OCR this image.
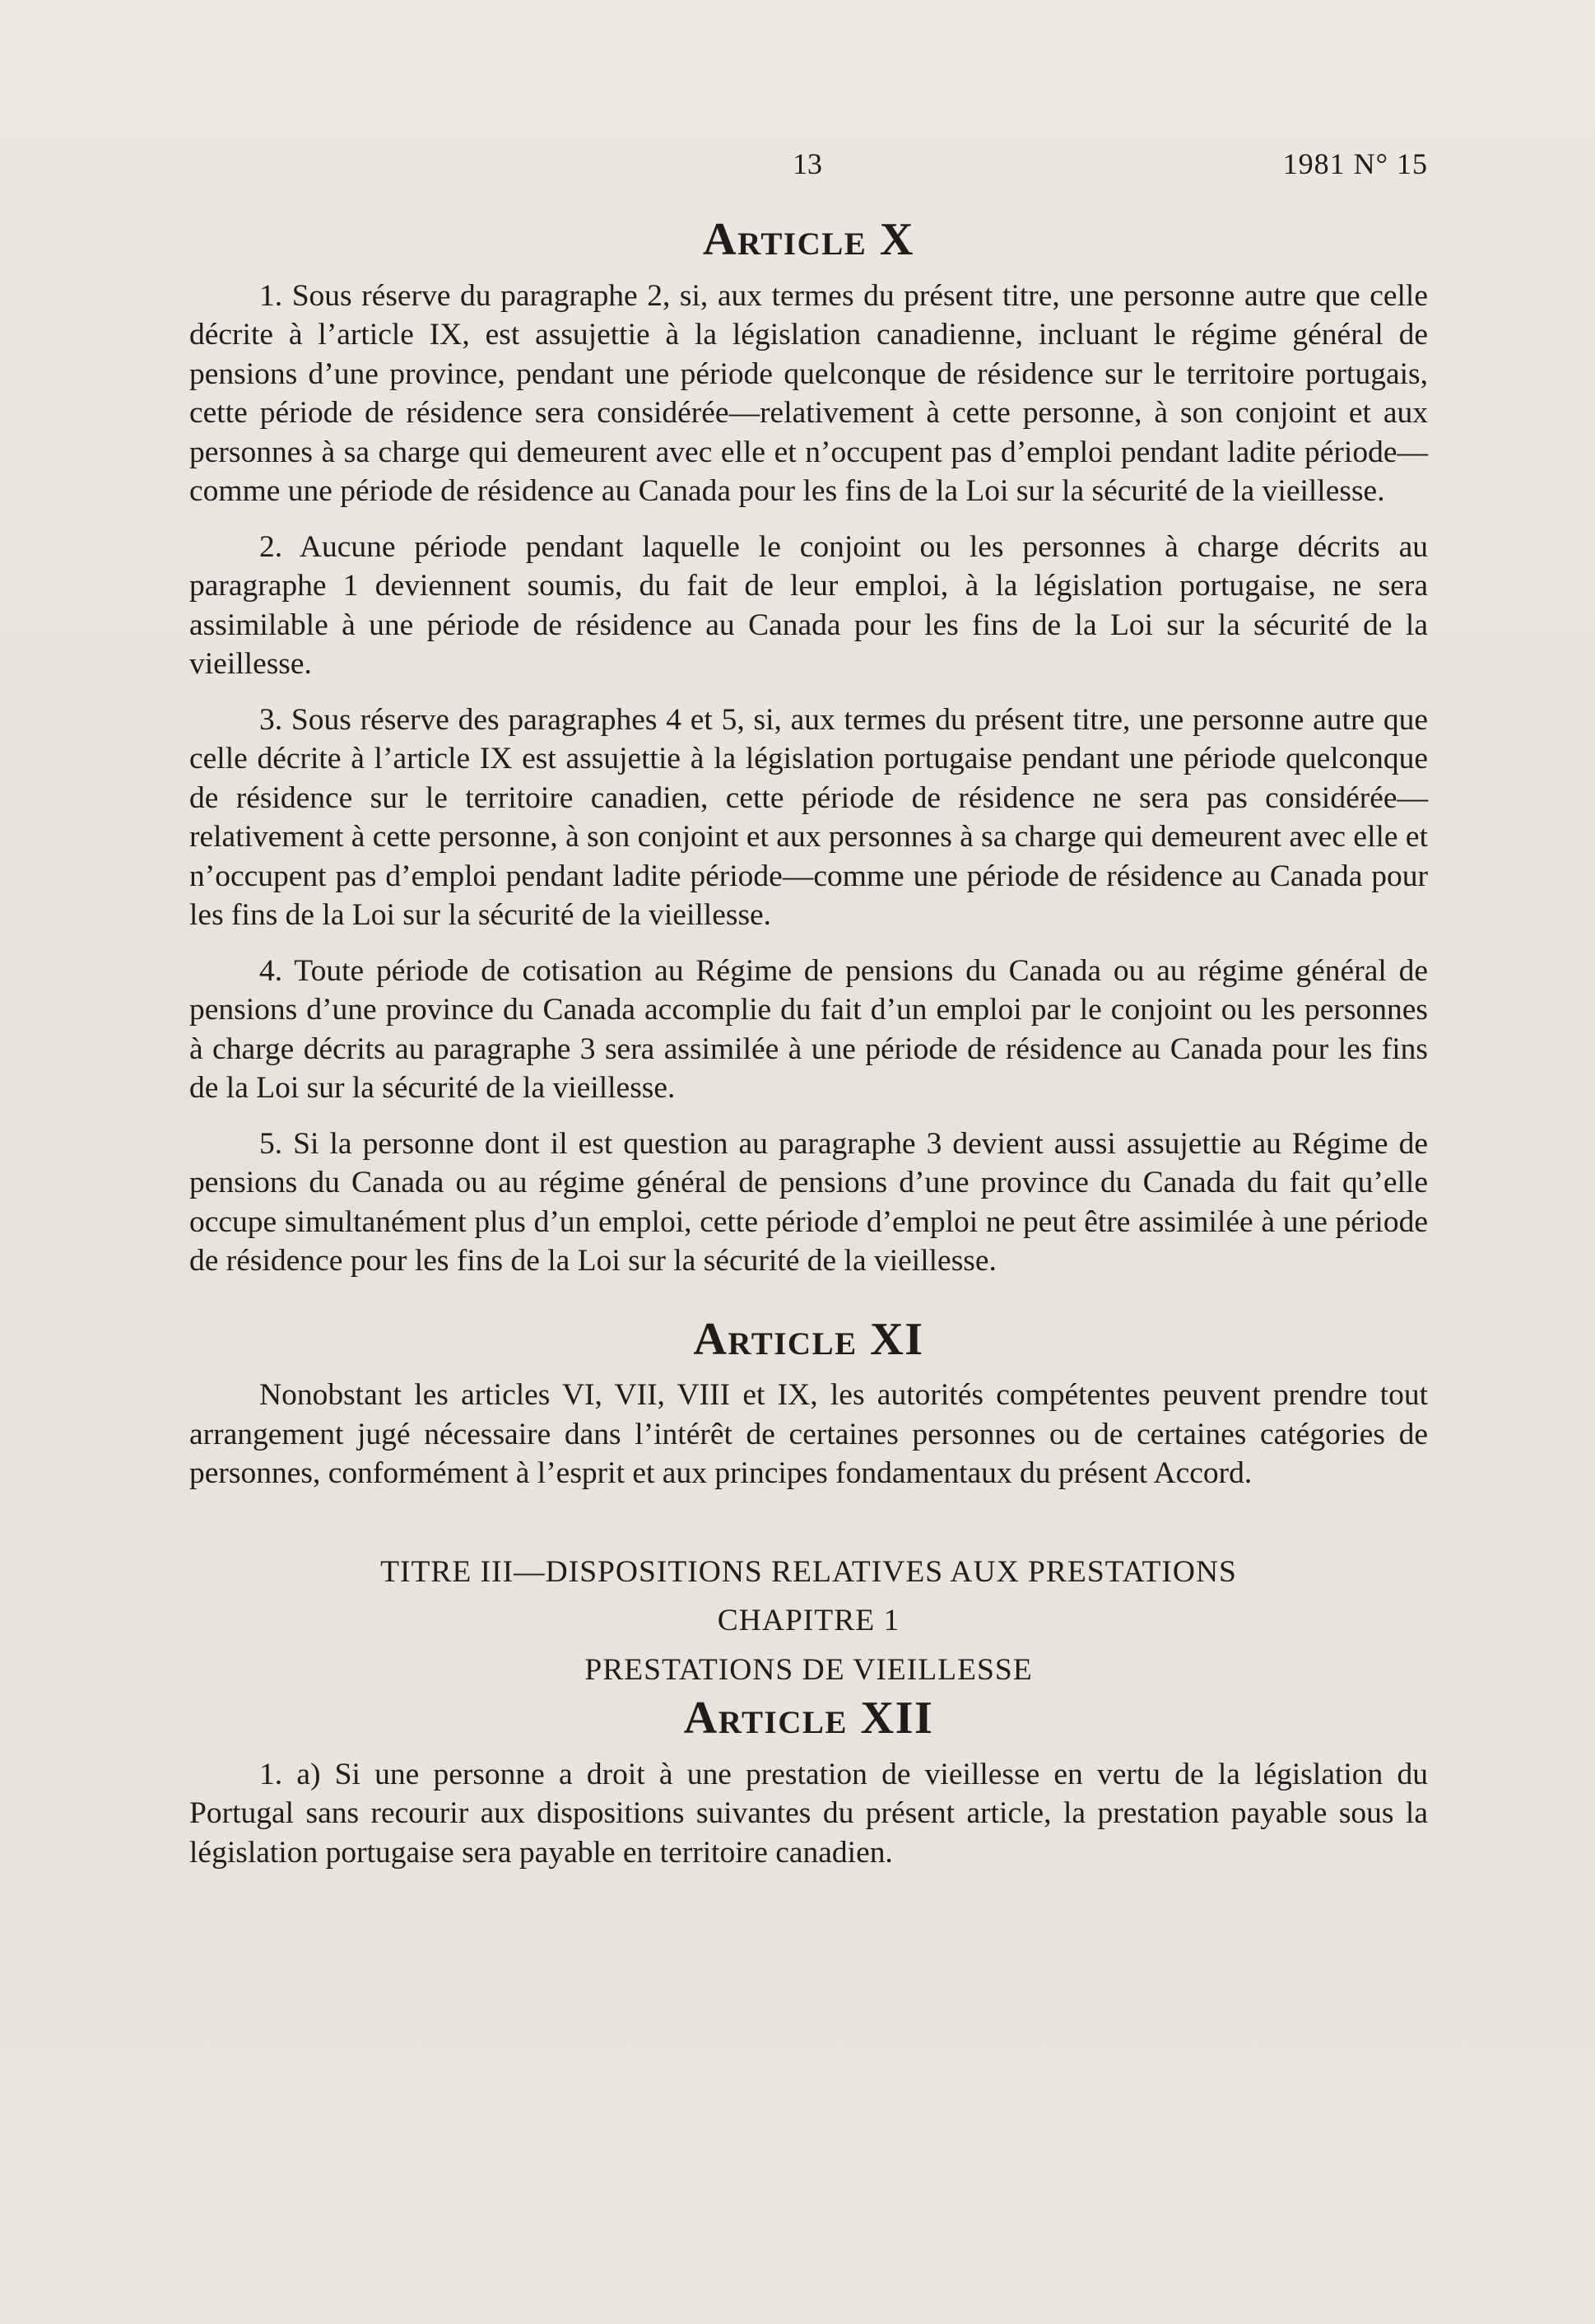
13	1981 N° 15
Article X

1. Sous réserve du paragraphe 2, si, aux termes du présent titre, une personne autre que celle décrite à l’article IX, est assujettie à la législation canadienne, incluant le régime général de pensions d’une province, pendant une période quelconque de résidence sur le territoire portugais, cette période de résidence sera considérée—relativement à cette personne, à son conjoint et aux personnes à sa charge qui demeurent avec elle et n’occupent pas d’emploi pendant ladite période—comme une période de résidence au Canada pour les fins de la Loi sur la sécurité de la vieillesse.

2. Aucune période pendant laquelle le conjoint ou les personnes à charge décrits au paragraphe 1 deviennent soumis, du fait de leur emploi, à la législation portugaise, ne sera assimilable à une période de résidence au Canada pour les fins de la Loi sur la sécurité de la vieillesse.

3. Sous réserve des paragraphes 4 et 5, si, aux termes du présent titre, une personne autre que celle décrite à l’article IX est assujettie à la législation portugaise pendant une période quelconque de résidence sur le territoire canadien, cette période de résidence ne sera pas considérée—relativement à cette personne, à son conjoint et aux personnes à sa charge qui demeurent avec elle et n’occupent pas d’emploi pendant ladite période—comme une période de résidence au Canada pour les fins de la Loi sur la sécurité de la vieillesse.

4. Toute période de cotisation au Régime de pensions du Canada ou au régime général de pensions d’une province du Canada accomplie du fait d’un emploi par le conjoint ou les personnes à charge décrits au paragraphe 3 sera assimilée à une période de résidence au Canada pour les fins de la Loi sur la sécurité de la vieillesse.

5. Si la personne dont il est question au paragraphe 3 devient aussi assujettie au Régime de pensions du Canada ou au régime général de pensions d’une province du Canada du fait qu’elle occupe simultanément plus d’un emploi, cette période d’emploi ne peut être assimilée à une période de résidence pour les fins de la Loi sur la sécurité de la vieillesse.

Article XI

Nonobstant les articles VI, VII, VIII et IX, les autorités compétentes peuvent prendre tout arrangement jugé nécessaire dans l’intérêt de certaines personnes ou de certaines catégories de personnes, conformément à l’esprit et aux principes fondamentaux du présent Accord.

TITRE III—DISPOSITIONS RELATIVES AUX PRESTATIONS
CHAPITRE 1
PRESTATIONS DE VIEILLESSE
Article XII

1. a) Si une personne a droit à une prestation de vieillesse en vertu de la législation du Portugal sans recourir aux dispositions suivantes du présent article, la prestation payable sous la législation portugaise sera payable en territoire canadien.
